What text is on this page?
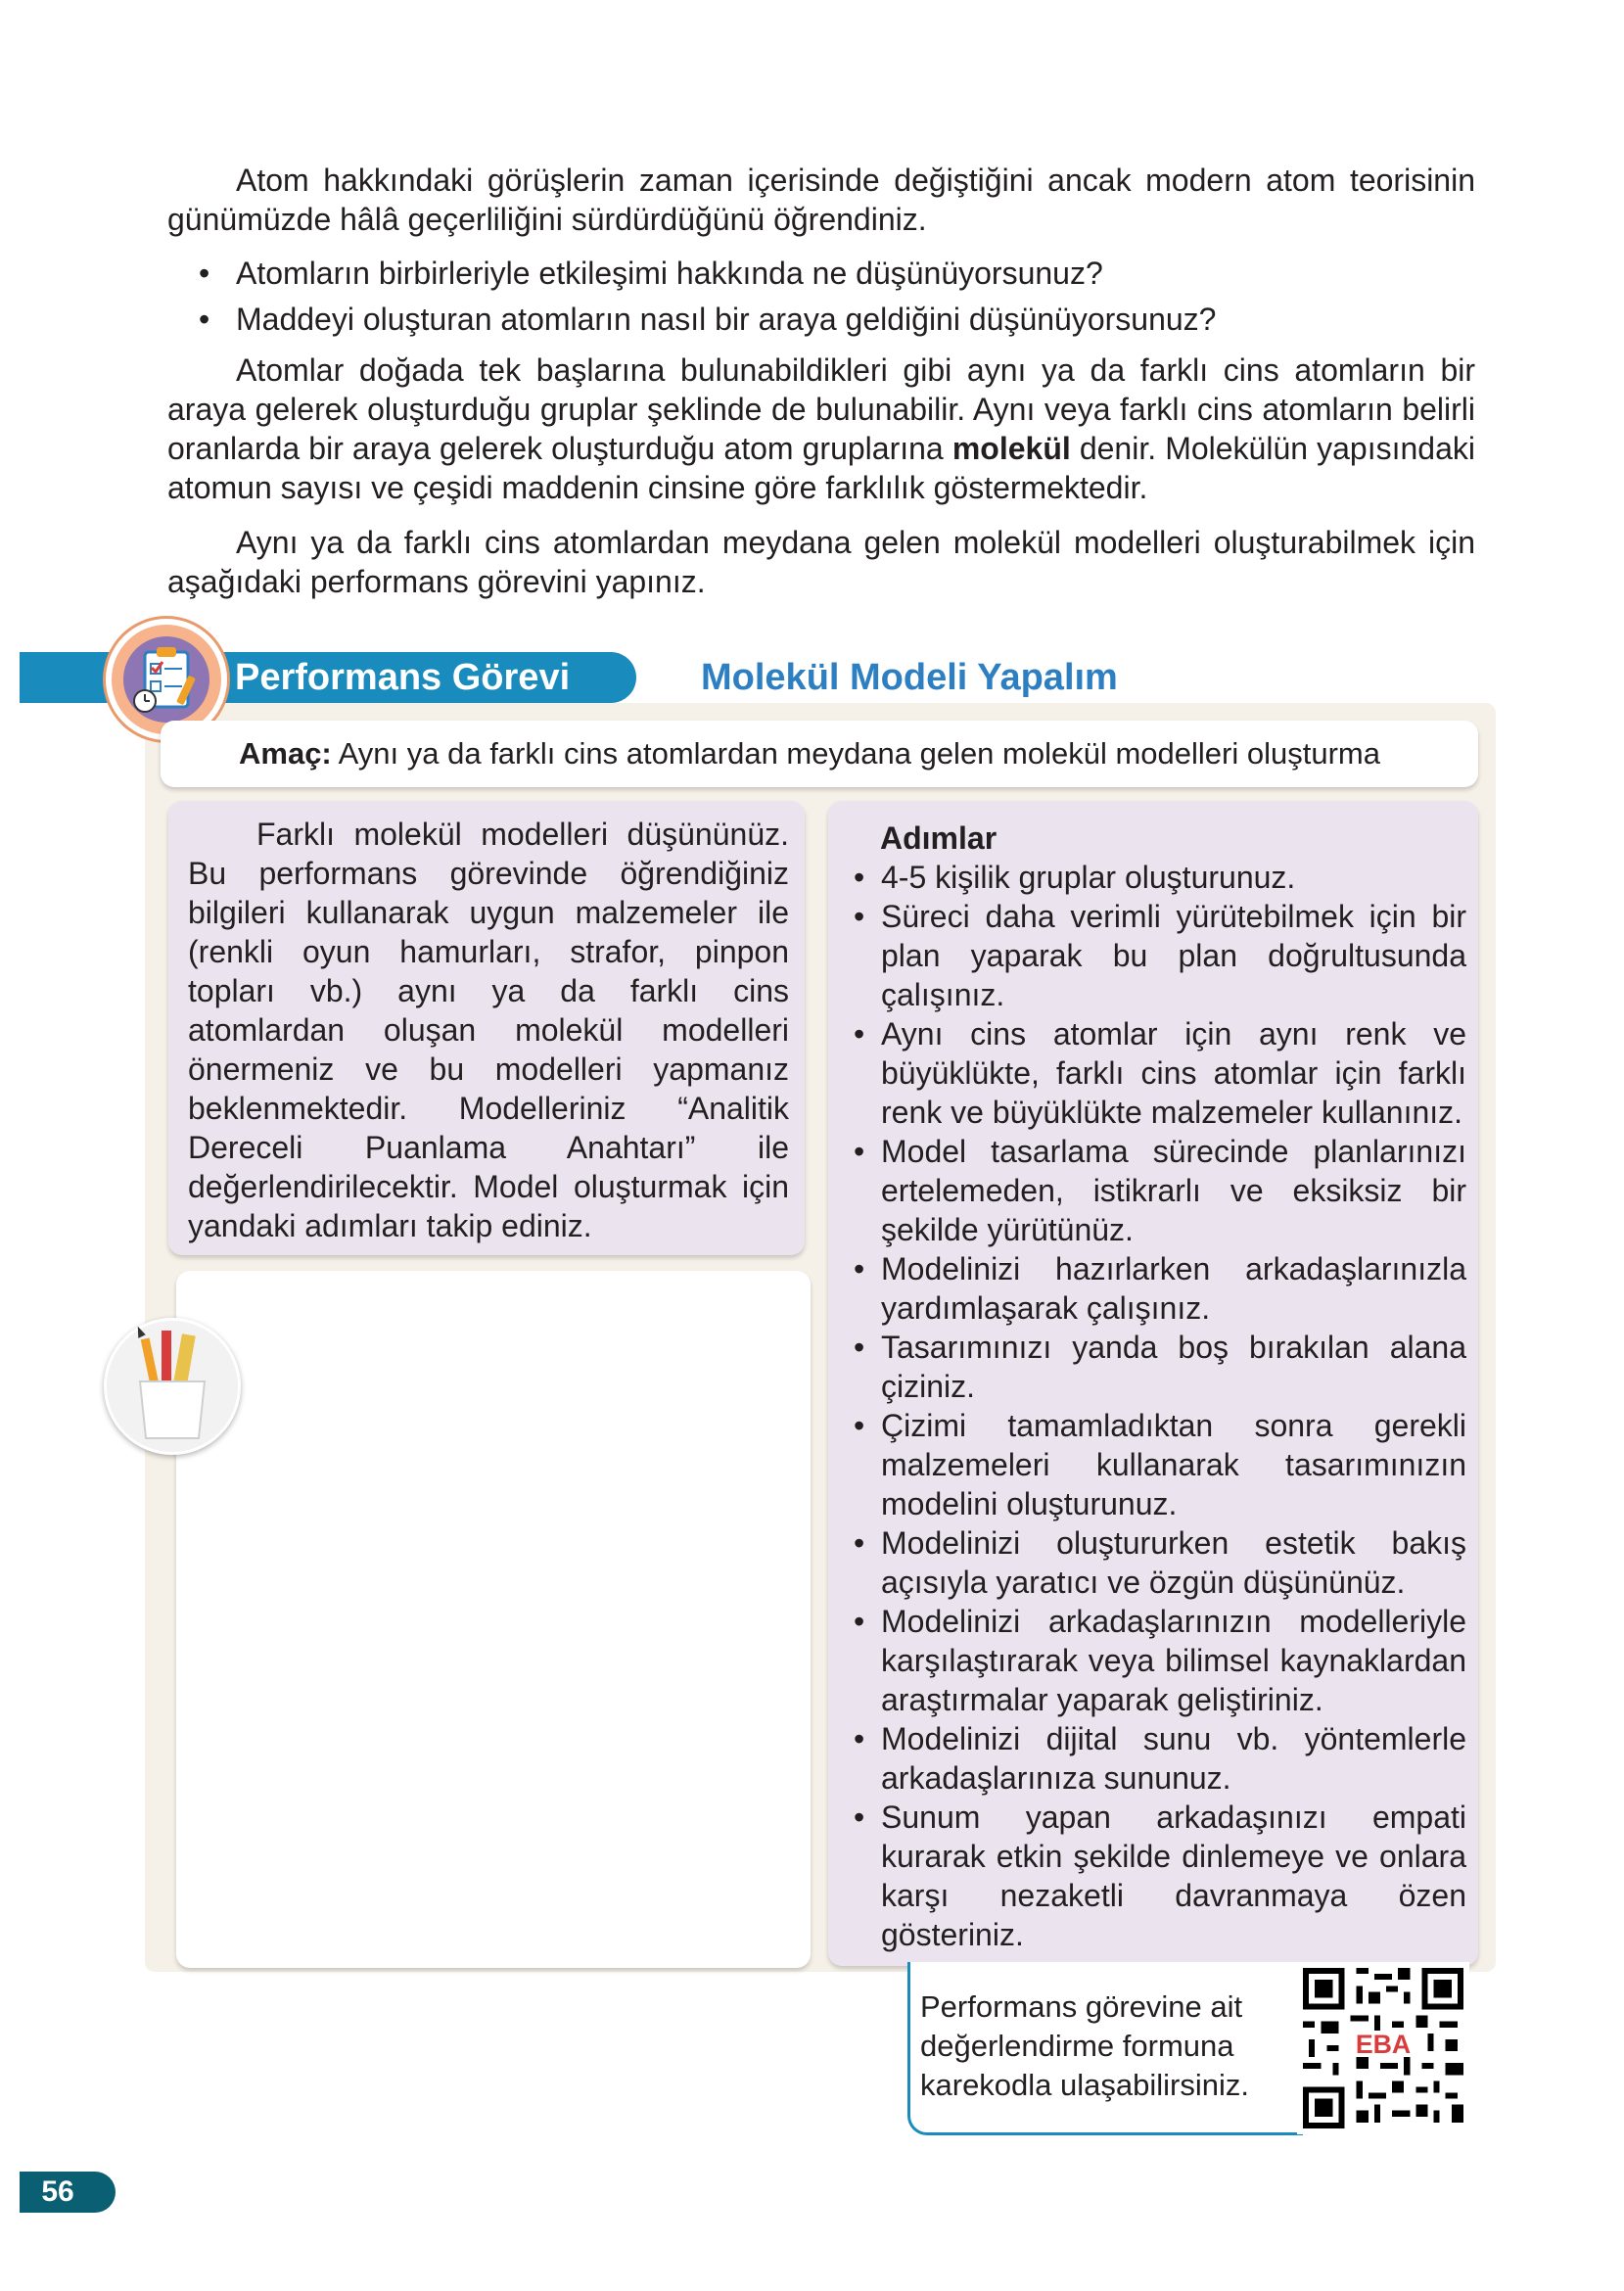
Atom hakkındaki görüşlerin zaman içerisinde değiştiğini ancak modern atom teorisinin günümüzde hâlâ geçerliliğini sürdürdüğünü öğrendiniz.
• Atomların birbirleriyle etkileşimi hakkında ne düşünüyorsunuz?
• Maddeyi oluşturan atomların nasıl bir araya geldiğini düşünüyorsunuz?
Atomlar doğada tek başlarına bulunabildikleri gibi aynı ya da farklı cins atomların bir araya gelerek oluşturduğu gruplar şeklinde de bulunabilir. Aynı veya farklı cins atomların belirli oranlarda bir araya gelerek oluşturduğu atom gruplarına molekül denir. Molekülün yapısındaki atomun sayısı ve çeşidi maddenin cinsine göre farklılık göstermektedir.
Aynı ya da farklı cins atomlardan meydana gelen molekül modelleri oluşturabilmek için aşağıdaki performans görevini yapınız.
Performans Görevi	Molekül Modeli Yapalım
Amaç: Aynı ya da farklı cins atomlardan meydana gelen molekül modelleri oluşturma
Farklı molekül modelleri düşününüz. Bu performans görevinde öğrendiğiniz bilgileri kullanarak uygun malzemeler ile (renkli oyun hamurları, strafor, pinpon topları vb.) aynı ya da farklı cins atomlardan oluşan molekül modelleri önermeniz ve bu modelleri yapmanız beklenmektedir. Modelleriniz “Analitik Dereceli Puanlama Anahtarı” ile değerlendirilecektir. Model oluşturmak için yandaki adımları takip ediniz.
Adımlar
• 4-5 kişilik gruplar oluşturunuz.
• Süreci daha verimli yürütebilmek için bir plan yaparak bu plan doğrultusunda çalışınız.
• Aynı cins atomlar için aynı renk ve büyüklükte, farklı cins atomlar için farklı renk ve büyüklükte malzemeler kullanınız.
• Model tasarlama sürecinde planlarınızı ertelemeden, istikrarlı ve eksiksiz bir şekilde yürütünüz.
• Modelinizi hazırlarken arkadaşlarınızla yardımlaşarak çalışınız.
• Tasarımınızı yanda boş bırakılan alana çiziniz.
• Çizimi tamamladıktan sonra gerekli malzemeleri kullanarak tasarımınızın modelini oluşturunuz.
• Modelinizi oluştururken estetik bakış açısıyla yaratıcı ve özgün düşününüz.
• Modelinizi arkadaşlarınızın modelleriyle karşılaştırarak veya bilimsel kaynaklardan araştırmalar yaparak geliştiriniz.
• Modelinizi dijital sunu vb. yöntemlerle arkadaşlarınıza sununuz.
• Sunum yapan arkadaşınızı empati kurarak etkin şekilde dinlemeye ve onlara karşı nezaketli davranmaya özen gösteriniz.
Performans görevine ait değerlendirme formuna karekodla ulaşabilirsiniz.
EBA
56
